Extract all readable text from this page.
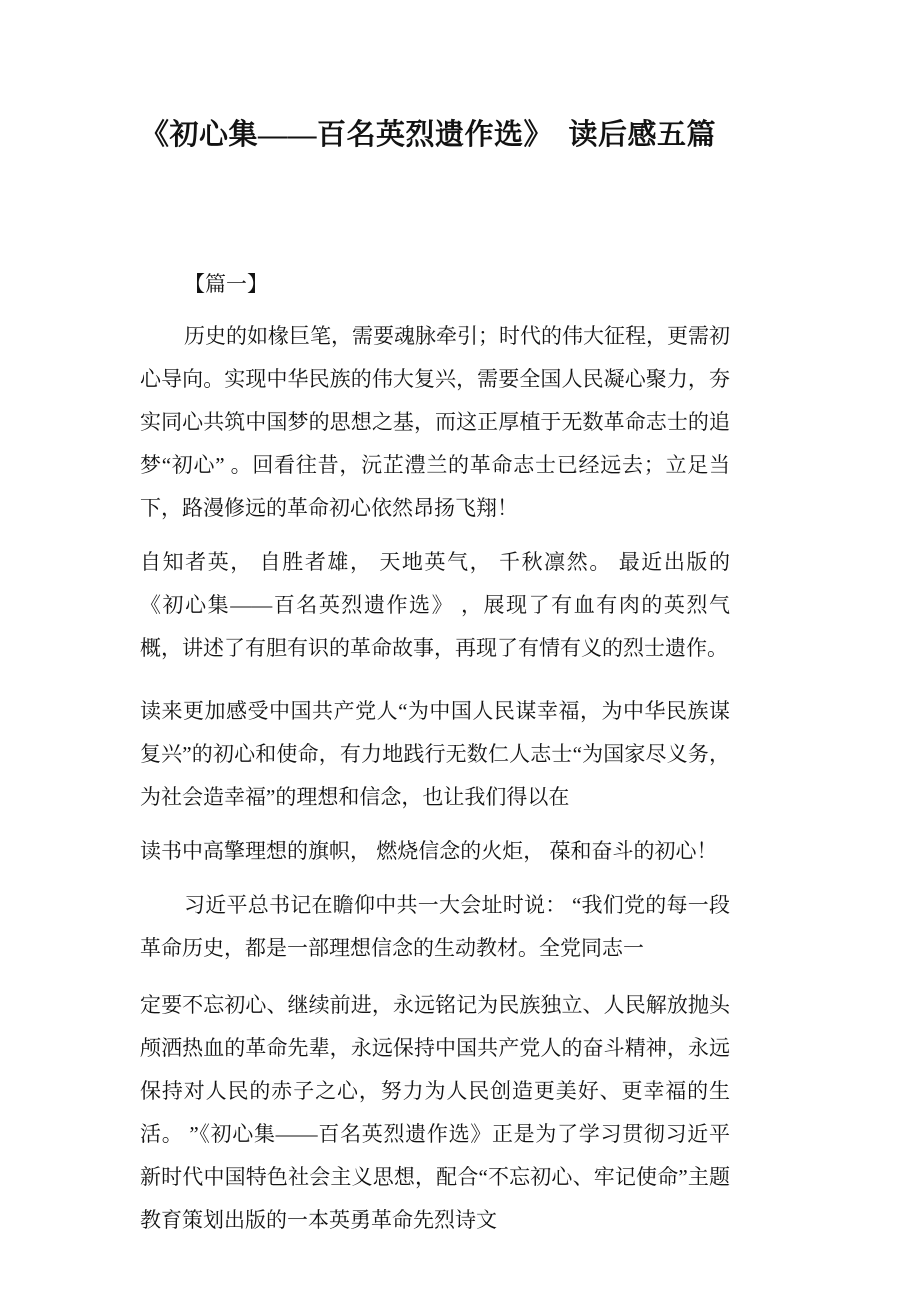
《初心集——百名英烈遗作选》  读后感五篇
【篇一】

历史的如椽巨笔，需要魂脉牵引；时代的伟大征程，更需初心导向。实现中华民族的伟大复兴，需要全国人民凝心聚力，夯实同心共筑中国梦的思想之基，而这正厚植于无数革命志士的追梦“初心” 。回看往昔，沅芷澧兰的革命志士已经远去；立足当下，路漫修远的革命初心依然昂扬飞翔！

自知者英， 自胜者雄， 天地英气， 千秋凛然。 最近出版的 《初心集——百名英烈遗作选》 ，展现了有血有肉的英烈气概，讲述了有胆有识的革命故事，再现了有情有义的烈士遗作。

读来更加感受中国共产党人“为中国人民谋幸福，为中华民族谋复兴”的初心和使命，有力地践行无数仁人志士“为国家尽义务，为社会造幸福”的理想和信念，也让我们得以在

读书中高擎理想的旗帜， 燃烧信念的火炬， 葆和奋斗的初心！

习近平总书记在瞻仰中共一大会址时说： “我们党的每一段革命历史，都是一部理想信念的生动教材。全党同志一

定要不忘初心、继续前进，永远铭记为民族独立、人民解放抛头颅洒热血的革命先辈，永远保持中国共产党人的奋斗精神，永远保持对人民的赤子之心，努力为人民创造更美好、更幸福的生活。 ”《初心集——百名英烈遗作选》正是为了学习贯彻习近平新时代中国特色社会主义思想，配合“不忘初心、牢记使命”主题教育策划出版的一本英勇革命先烈诗文
